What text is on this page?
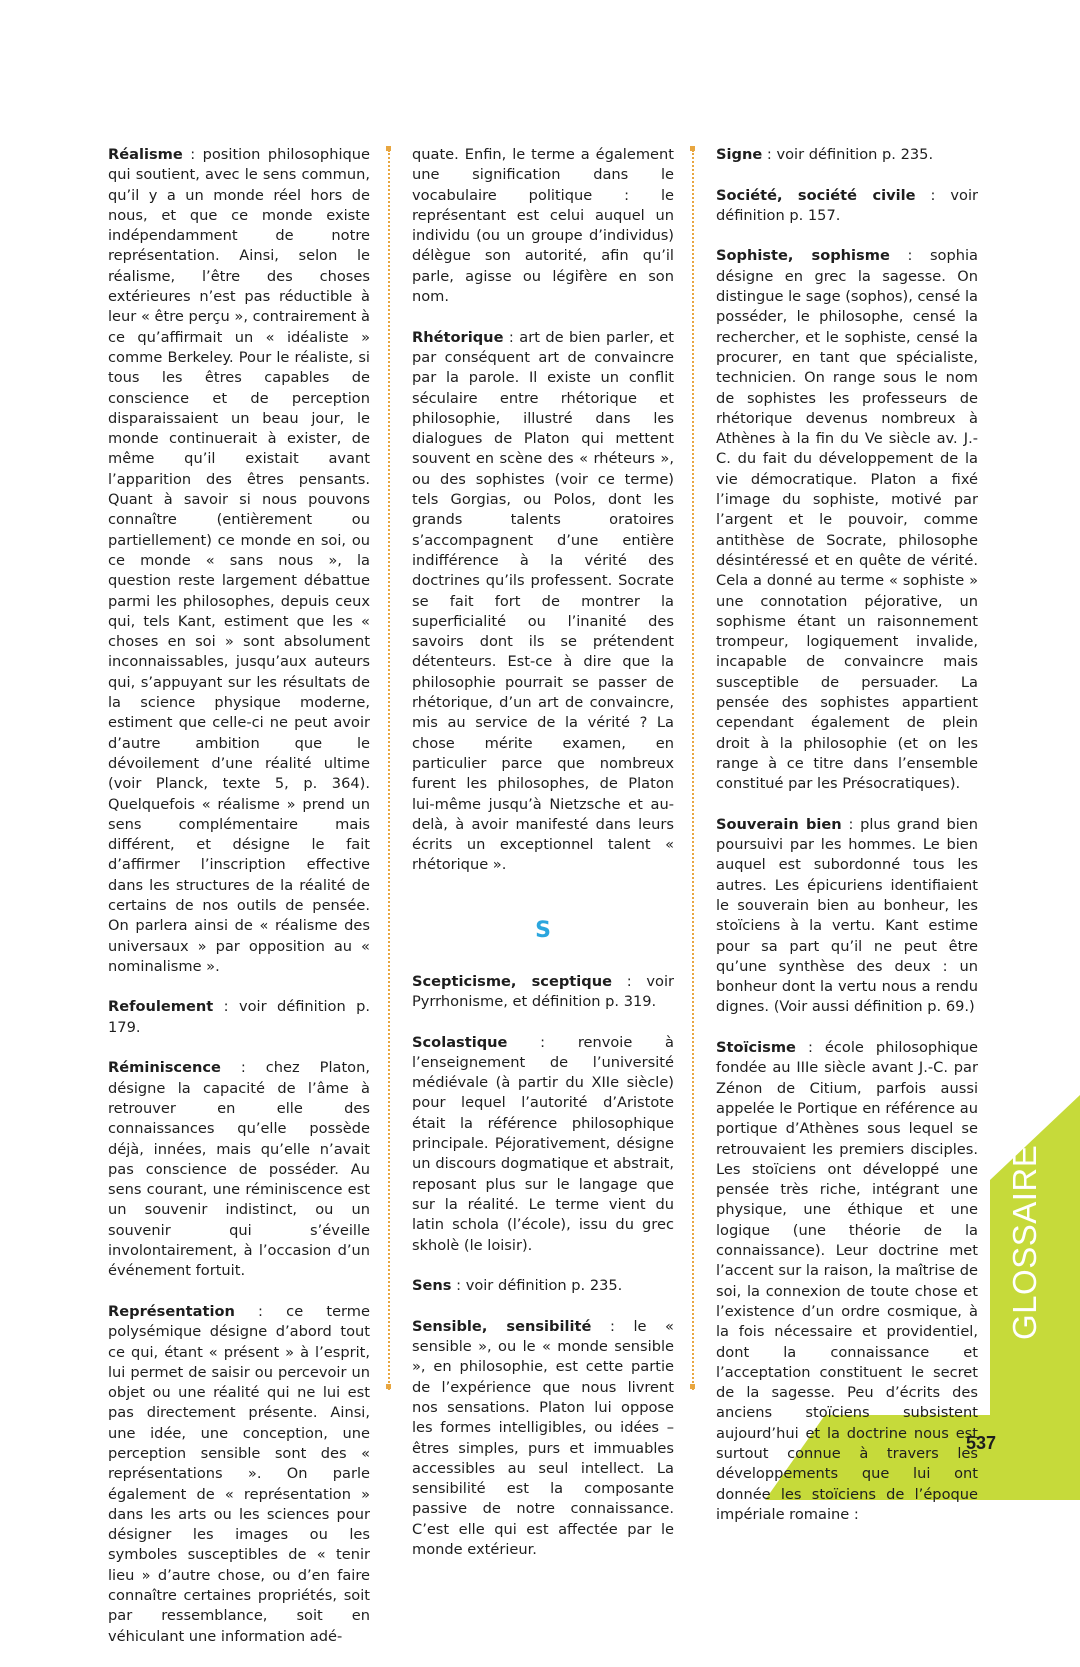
Réalisme : position philosophique qui soutient, avec le sens commun, qu’il y a un monde réel hors de nous, et que ce monde existe indépendamment de notre représentation. Ainsi, selon le réalisme, l’être des choses extérieures n’est pas réductible à leur « être perçu », contrairement à ce qu’affirmait un « idéaliste » comme Berkeley. Pour le réaliste, si tous les êtres capables de conscience et de perception disparaissaient un beau jour, le monde continuerait à exister, de même qu’il existait avant l’apparition des êtres pensants. Quant à savoir si nous pouvons connaître (entièrement ou partiellement) ce monde en soi, ou ce monde « sans nous », la question reste largement débattue parmi les philosophes, depuis ceux qui, tels Kant, estiment que les « choses en soi » sont absolument inconnaissables, jusqu’aux auteurs qui, s’appuyant sur les résultats de la science physique moderne, estiment que celle-ci ne peut avoir d’autre ambition que le dévoilement d’une réalité ultime (voir Planck, texte 5, p. 364). Quelquefois « réalisme » prend un sens complémentaire mais différent, et désigne le fait d’affirmer l’inscription effective dans les structures de la réalité de certains de nos outils de pensée. On parlera ainsi de « réalisme des universaux » par opposition au « nominalisme ».

Refoulement : voir définition p. 179.

Réminiscence : chez Platon, désigne la capacité de l’âme à retrouver en elle des connaissances qu’elle possède déjà, innées, mais qu’elle n’avait pas conscience de posséder. Au sens courant, une réminiscence est un souvenir indistinct, ou un souvenir qui s’éveille involontairement, à l’occasion d’un événement fortuit.

Représentation : ce terme polysémique désigne d’abord tout ce qui, étant « présent » à l’esprit, lui permet de saisir ou percevoir un objet ou une réalité qui ne lui est pas directement présente. Ainsi, une idée, une conception, une perception sensible sont des « représentations ». On parle également de « représentation » dans les arts ou les sciences pour désigner les images ou les symboles susceptibles de « tenir lieu » d’autre chose, ou d’en faire connaître certaines propriétés, soit par ressemblance, soit en véhiculant une information adé-

quate. Enfin, le terme a également une signification dans le vocabulaire politique : le représentant est celui auquel un individu (ou un groupe d’individus) délègue son autorité, afin qu’il parle, agisse ou légifère en son nom.

Rhétorique : art de bien parler, et par conséquent art de convaincre par la parole. Il existe un conflit séculaire entre rhétorique et philosophie, illustré dans les dialogues de Platon qui mettent souvent en scène des « rhéteurs », ou des sophistes (voir ce terme) tels Gorgias, ou Polos, dont les grands talents oratoires s’accompagnent d’une entière indifférence à la vérité des doctrines qu’ils professent. Socrate se fait fort de montrer la superficialité ou l’inanité des savoirs dont ils se prétendent détenteurs. Est-ce à dire que la philosophie pourrait se passer de rhétorique, d’un art de convaincre, mis au service de la vérité ? La chose mérite examen, en particulier parce que nombreux furent les philosophes, de Platon lui-même jusqu’à Nietzsche et au-delà, à avoir manifesté dans leurs écrits un exceptionnel talent « rhétorique ».

S

Scepticisme, sceptique : voir Pyrrhonisme, et définition p. 319.

Scolastique : renvoie à l’enseignement de l’université médiévale (à partir du XIIe siècle) pour lequel l’autorité d’Aristote était la référence philosophique principale. Péjorativement, désigne un discours dogmatique et abstrait, reposant plus sur le langage que sur la réalité. Le terme vient du latin schola (l’école), issu du grec skholè (le loisir).

Sens : voir définition p. 235.

Sensible, sensibilité : le « sensible », ou le « monde sensible », en philosophie, est cette partie de l’expérience que nous livrent nos sensations. Platon lui oppose les formes intelligibles, ou idées – êtres simples, purs et immuables accessibles au seul intellect. La sensibilité est la composante passive de notre connaissance. C’est elle qui est affectée par le monde extérieur.

Signe : voir définition p. 235.

Société, société civile : voir définition p. 157.

Sophiste, sophisme : sophia désigne en grec la sagesse. On distingue le sage (sophos), censé la posséder, le philosophe, censé la rechercher, et le sophiste, censé la procurer, en tant que spécialiste, technicien. On range sous le nom de sophistes les professeurs de rhétorique devenus nombreux à Athènes à la fin du Ve siècle av. J.-C. du fait du développement de la vie démocratique. Platon a fixé l’image du sophiste, motivé par l’argent et le pouvoir, comme antithèse de Socrate, philosophe désintéressé et en quête de vérité. Cela a donné au terme « sophiste » une connotation péjorative, un sophisme étant un raisonnement trompeur, logiquement invalide, incapable de convaincre mais susceptible de persuader. La pensée des sophistes appartient cependant également de plein droit à la philosophie (et on les range à ce titre dans l’ensemble constitué par les Présocratiques).

Souverain bien : plus grand bien poursuivi par les hommes. Le bien auquel est subordonné tous les autres. Les épicuriens identifiaient le souverain bien au bonheur, les stoïciens à la vertu. Kant estime pour sa part qu’il ne peut être qu’une synthèse des deux : un bonheur dont la vertu nous a rendu dignes. (Voir aussi définition p. 69.)

Stoïcisme : école philosophique fondée au IIIe siècle avant J.-C. par Zénon de Citium, parfois aussi appelée le Portique en référence au portique d’Athènes sous lequel se retrouvaient les premiers disciples. Les stoïciens ont développé une pensée très riche, intégrant une physique, une éthique et une logique (une théorie de la connaissance). Leur doctrine met l’accent sur la raison, la maîtrise de soi, la connexion de toute chose et l’existence d’un ordre cosmique, à la fois nécessaire et providentiel, dont la connaissance et l’acceptation constituent le secret de la sagesse. Peu d’écrits des anciens stoïciens subsistent aujourd’hui et la doctrine nous est surtout connue à travers les développements que lui ont donnée les stoïciens de l’époque impériale romaine :

GLOSSAIRE
537
